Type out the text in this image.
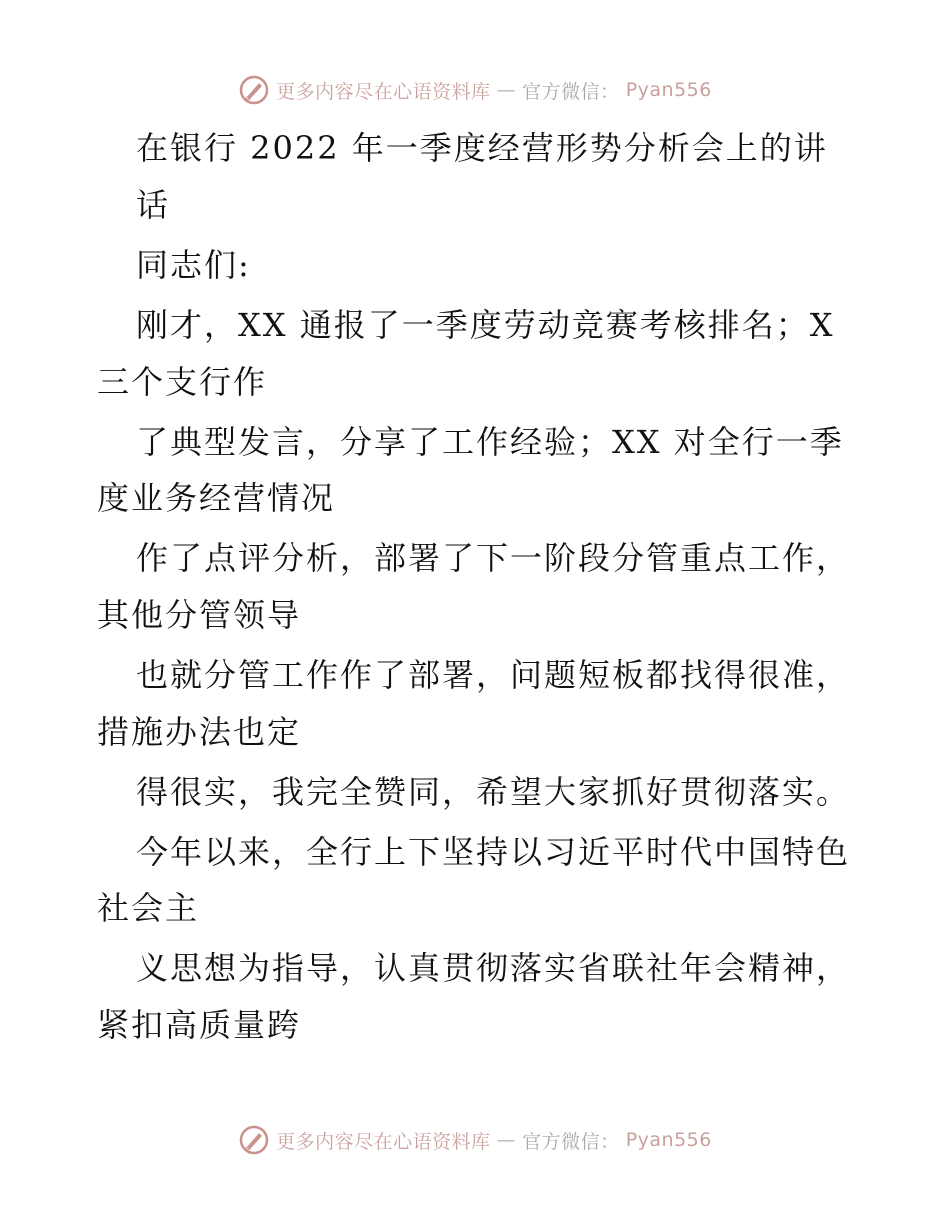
更多内容尽在心语资料库 — 官方微信： Pyan556
在银行 2022 年一季度经营形势分析会上的讲
话
同志们:
刚才，XX 通报了一季度劳动竞赛考核排名；X
三个支行作
了典型发言，分享了工作经验；XX 对全行一季
度业务经营情况
作了点评分析，部署了下一阶段分管重点工作，
其他分管领导
也就分管工作作了部署，问题短板都找得很准，
措施办法也定
得很实，我完全赞同，希望大家抓好贯彻落实。
今年以来，全行上下坚持以习近平时代中国特色
社会主
义思想为指导，认真贯彻落实省联社年会精神，
紧扣高质量跨
更多内容尽在心语资料库 — 官方微信： Pyan556
